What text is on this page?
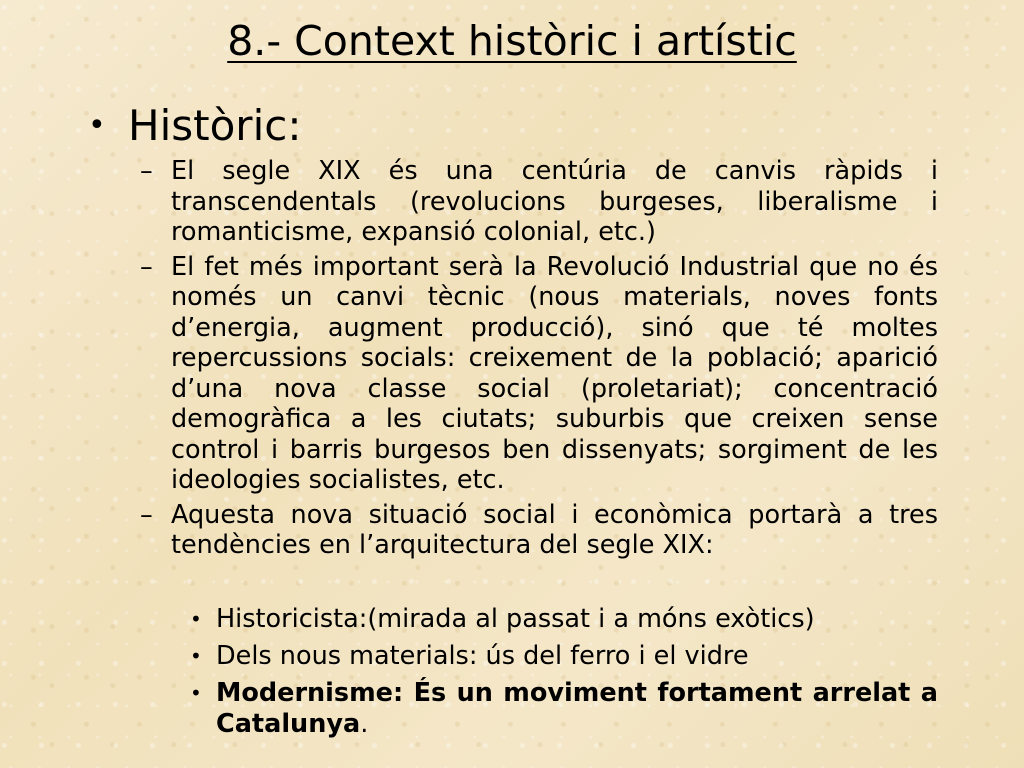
8.- Context històric i artístic
• Històric:
– El segle XIX és una centúria de canvis ràpids i transcendentals (revolucions burgeses, liberalisme i romanticisme, expansió colonial, etc.)
– El fet més important serà la Revolució Industrial que no és només un canvi tècnic (nous materials, noves fonts d’energia, augment producció), sinó que té moltes repercussions socials: creixement de la població; aparició d’una nova classe social (proletariat); concentració demogràfica a les ciutats; suburbis que creixen sense control i barris burgesos ben dissenyats; sorgiment de les ideologies socialistes, etc.
– Aquesta nova situació social i econòmica portarà a tres tendències en l’arquitectura del segle XIX:
• Historicista:(mirada al passat i a móns exòtics)
• Dels nous materials: ús del ferro i el vidre
• Modernisme: És un moviment fortament arrelat a Catalunya.
